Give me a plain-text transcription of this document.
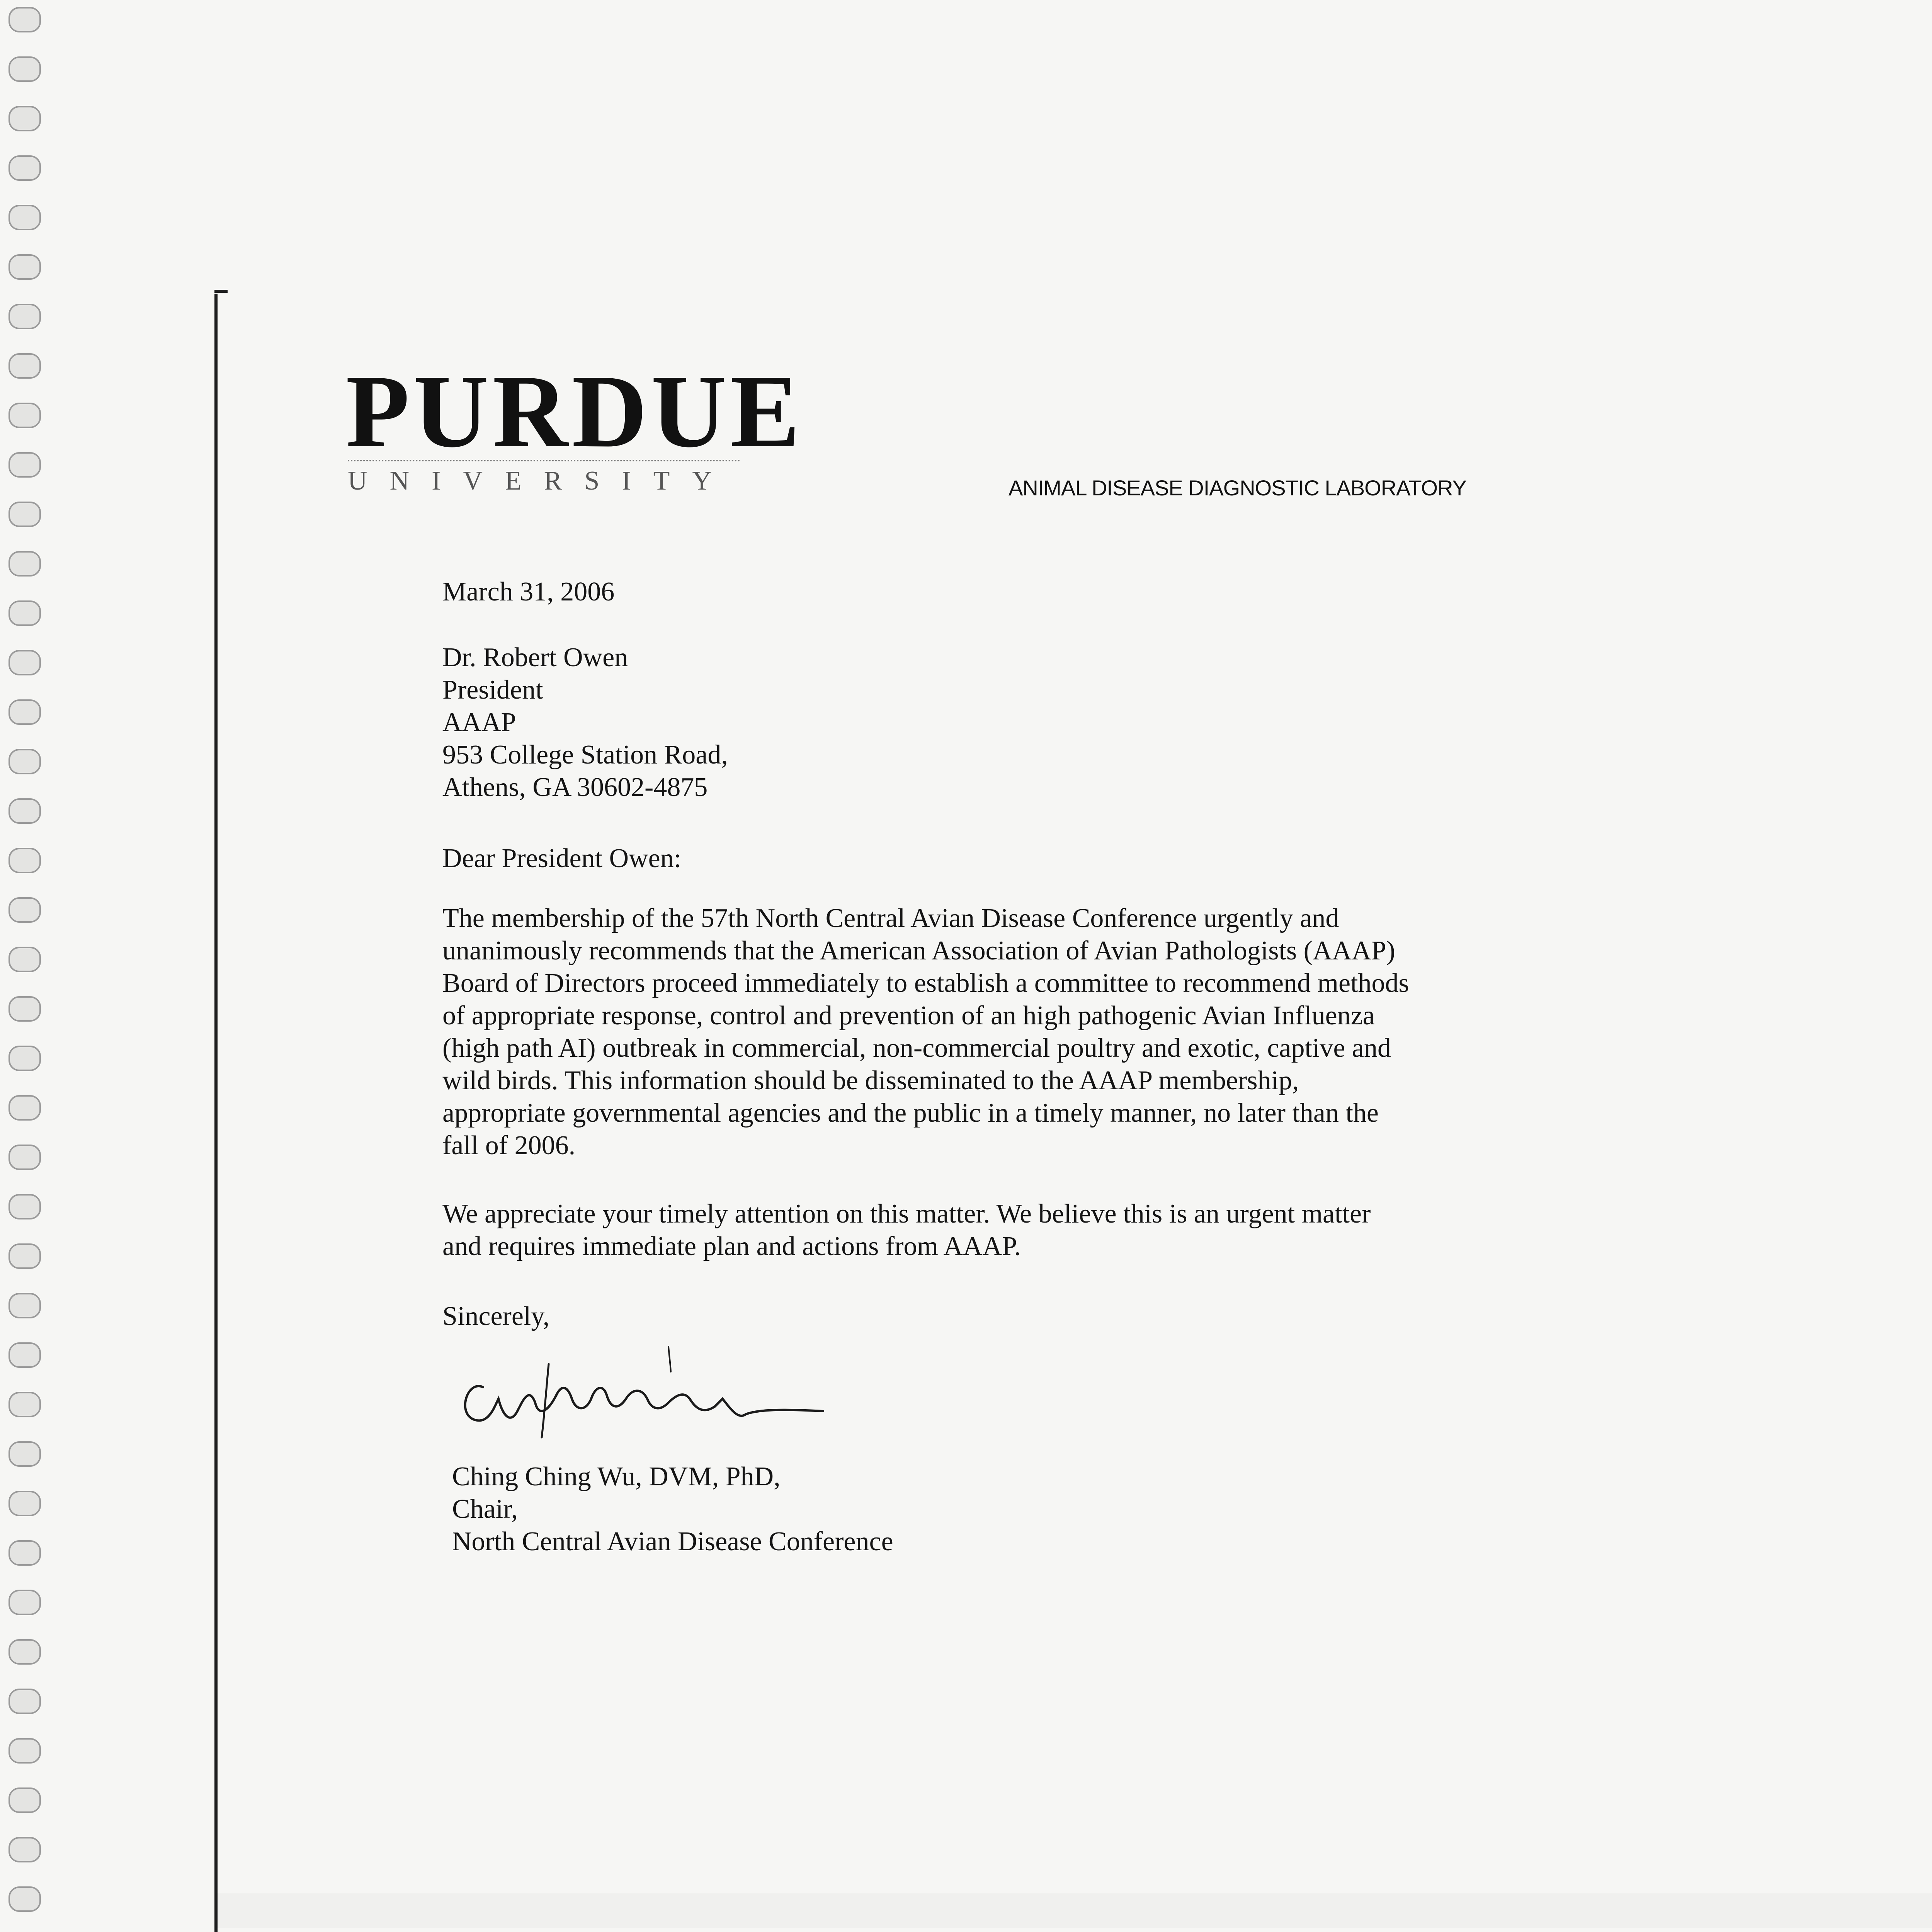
PURDUE
UNIVERSITY	ANIMAL DISEASE DIAGNOSTIC LABORATORY
March 31, 2006
Dr. Robert Owen
President
AAAP
953 College Station Road,
Athens, GA 30602-4875
Dear President Owen:
The membership of the 57th North Central Avian Disease Conference urgently and
unanimously recommends that the American Association of Avian Pathologists (AAAP)
Board of Directors proceed immediately to establish a committee to recommend methods
of appropriate response, control and prevention of an high pathogenic Avian Influenza
(high path AI) outbreak in commercial, non-commercial poultry and exotic, captive and
wild birds. This information should be disseminated to the AAAP membership,
appropriate governmental agencies and the public in a timely manner, no later than the
fall of 2006.
We appreciate your timely attention on this matter. We believe this is an urgent matter
and requires immediate plan and actions from AAAP.
Sincerely,
Ching Ching Wu, DVM, PhD,
Chair,
North Central Avian Disease Conference
